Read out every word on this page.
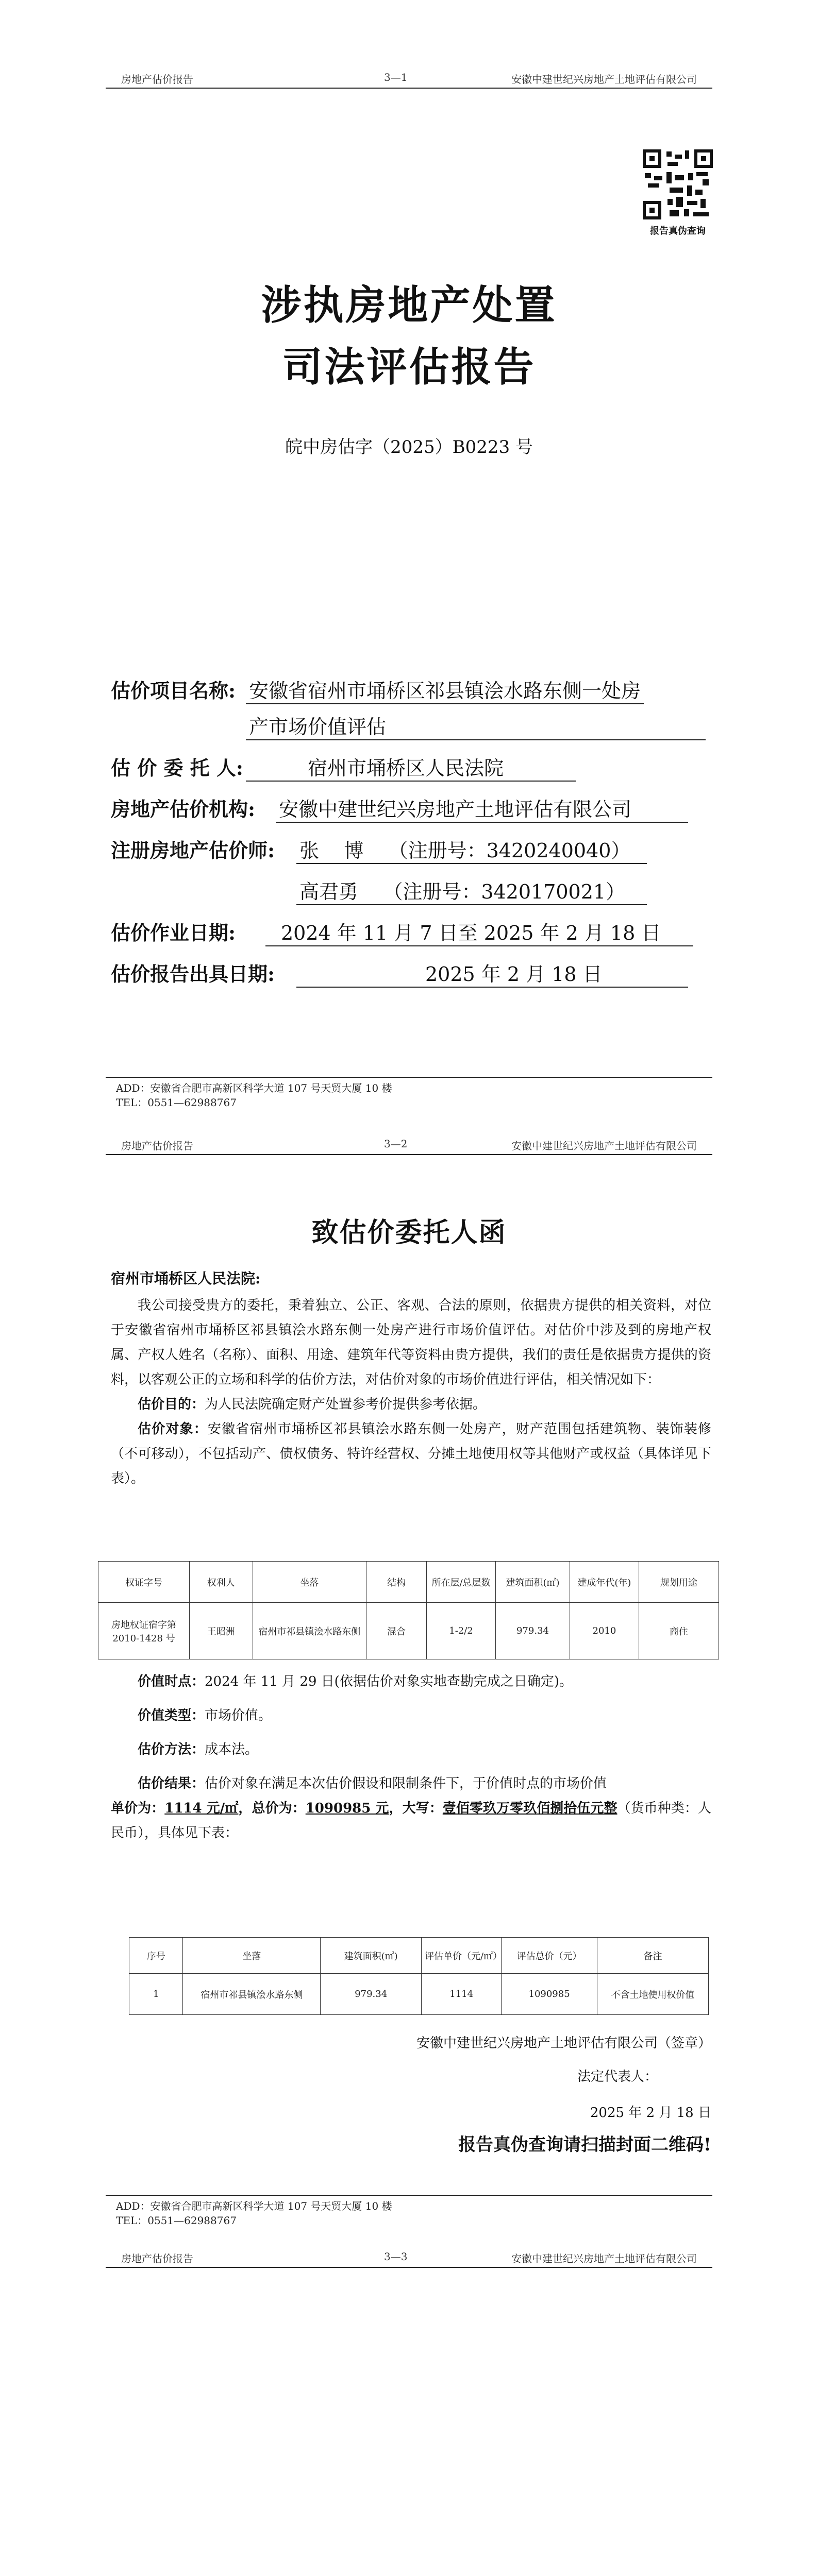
房地产估价报告	3—1	安徽中建世纪兴房地产土地评估有限公司
报告真伪查询
涉执房地产处置
司法评估报告
皖中房估字（2025）B0223 号
估价项目名称: 安徽省宿州市埇桥区祁县镇浍水路东侧一处房
产市场价值评估
估 价 委 托 人:	宿州市埇桥区人民法院
房地产估价机构: 安徽中建世纪兴房地产土地评估有限公司
注册房地产估价师: 张    博    （注册号：3420240040）
高君勇    （注册号：3420170021）
估价作业日期:	2024 年 11 月 7 日至 2025 年 2 月 18 日
估价报告出具日期:	2025 年 2 月 18 日
ADD：安徽省合肥市高新区科学大道 107 号天贸大厦 10 楼
TEL：0551—62988767
房地产估价报告	3—2	安徽中建世纪兴房地产土地评估有限公司
致估价委托人函
宿州市埇桥区人民法院:

我公司接受贵方的委托，秉着独立、公正、客观、合法的原则，依据贵方提供的相关资料，对位于安徽省宿州市埇桥区祁县镇浍水路东侧一处房产进行市场价值评估。对估价中涉及到的房地产权属、产权人姓名（名称）、面积、用途、建筑年代等资料由贵方提供，我们的责任是依据贵方提供的资料，以客观公正的立场和科学的估价方法，对估价对象的市场价值进行评估，相关情况如下：

估价目的：为人民法院确定财产处置参考价提供参考依据。

估价对象：安徽省宿州市埇桥区祁县镇浍水路东侧一处房产，财产范围包括建筑物、装饰装修（不可移动），不包括动产、债权债务、特许经营权、分摊土地使用权等其他财产或权益（具体详见下表）。

权证字号	权利人	坐落	结构	所在层/总层数	建筑面积(㎡)	建成年代(年)	规划用途
房地权证宿字第2010-1428 号	王昭洲	宿州市祁县镇浍水路东侧	混合	1-2/2	979.34	2010	商住

价值时点：2024 年 11 月 29 日(依据估价对象实地查勘完成之日确定)。

价值类型：市场价值。

估价方法：成本法。

估价结果：估价对象在满足本次估价假设和限制条件下，于价值时点的市场价值

单价为：1114 元/㎡，总价为：1090985 元，大写：壹佰零玖万零玖佰捌拾伍元整（货币种类：人民币），具体见下表：

序号	坐落	建筑面积(㎡)	评估单价（元/㎡）	评估总价（元）	备注
1	宿州市祁县镇浍水路东侧	979.34	1114	1090985	不含土地使用权价值
安徽中建世纪兴房地产土地评估有限公司（签章）
法定代表人：
2025 年 2 月 18 日
报告真伪查询请扫描封面二维码!
ADD：安徽省合肥市高新区科学大道 107 号天贸大厦 10 楼
TEL：0551—62988767
房地产估价报告	3—3	安徽中建世纪兴房地产土地评估有限公司
